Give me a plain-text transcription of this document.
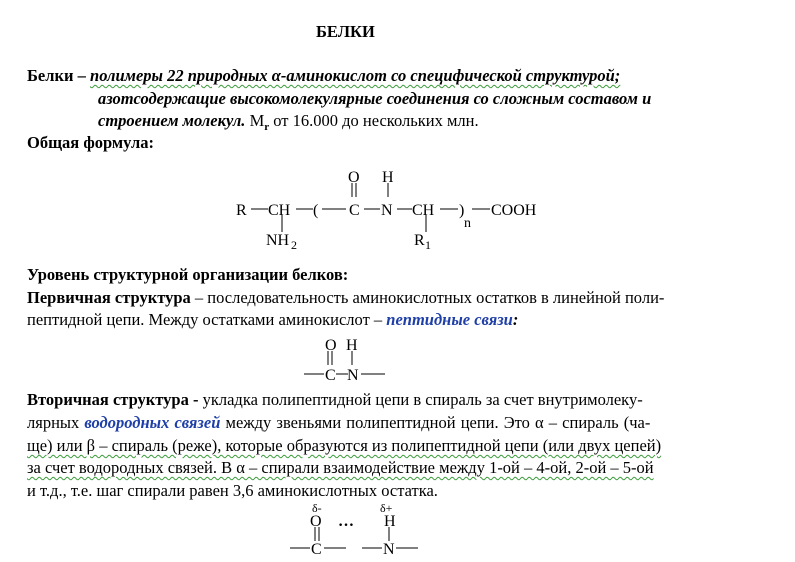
БЕЛКИ
Белки – полимеры 22 природных α-аминокислот со специфической структурой;
азотсодержащие высокомолекулярные соединения со сложным составом и
строением молекул. $М_r$ от 16.000 до нескольких млн.
Общая формула:
R CH (
O
C
H
N CH )
n
COOH
NH 2	R 1
Уровень структурной организации белков:
Первичная структура – последовательность аминокислотных остатков в линейной поли-
пептидной цепи. Между остатками аминокислот – пептидные связи:
O H
C N
Вторичная структура - укладка полипептидной цепи в спираль за счет внутримолеку-
лярных водородных связей между звеньями полипептидной цепи. Это α – спираль (ча-
ще) или β – спираль (реже), которые образуются из полипептидной цепи (или двух цепей)
за счет водородных связей. В α – спирали взаимодействие между 1-ой – 4-ой, 2-ой – 5-ой
и т.д., т.е. шаг спирали равен 3,6 аминокислотных остатка.
δ-	δ+
O … H
C	N
